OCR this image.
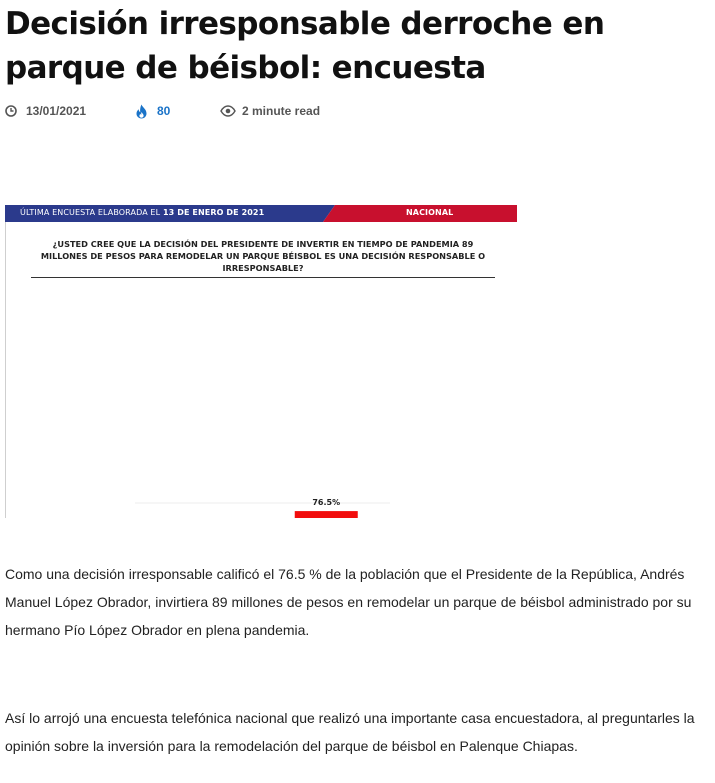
Decisión irresponsable derroche en parque de béisbol: encuesta
13/01/2021	80	2 minute read
ÚLTIMA ENCUESTA ELABORADA EL 13 DE ENERO DE 2021	NACIONAL

¿USTED CREE QUE LA DECISIÓN DEL PRESIDENTE DE INVERTIR EN TIEMPO DE PANDEMIA 89 MILLONES DE PESOS PARA REMODELAR UN PARQUE BÉISBOL ES UNA DECISIÓN RESPONSABLE O IRRESPONSABLE?

76.5%

Como una decisión irresponsable calificó el 76.5 % de la población que el Presidente de la República, Andrés Manuel López Obrador, invirtiera 89 millones de pesos en remodelar un parque de béisbol administrado por su hermano Pío López Obrador en plena pandemia.

Así lo arrojó una encuesta telefónica nacional que realizó una importante casa encuestadora, al preguntarles la opinión sobre la inversión para la remodelación del parque de béisbol en Palenque Chiapas.
